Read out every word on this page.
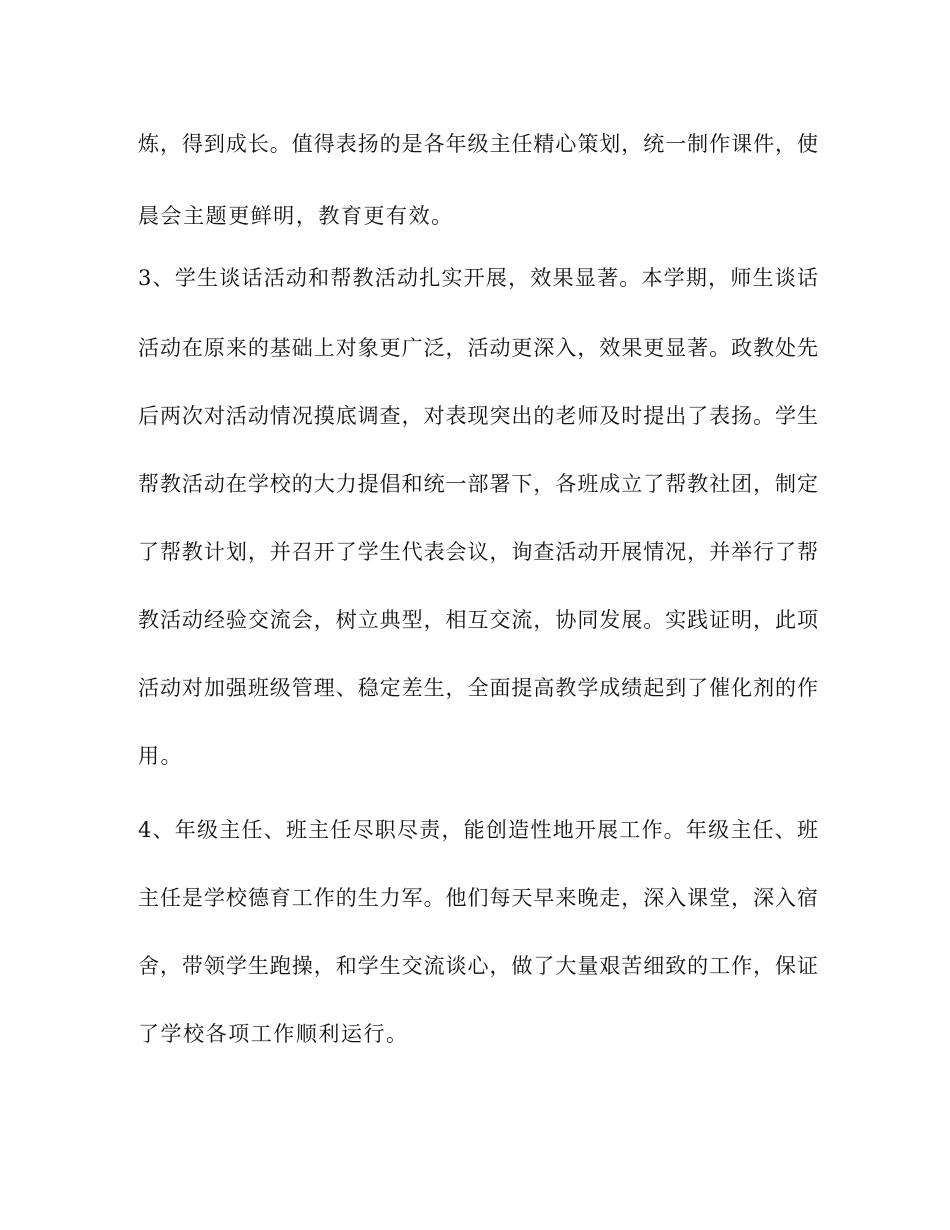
炼，得到成长。值得表扬的是各年级主任精心策划，统一制作课件，使
晨会主题更鲜明，教育更有效。
3、学生谈话活动和帮教活动扎实开展，效果显著。本学期，师生谈话
活动在原来的基础上对象更广泛，活动更深入，效果更显著。政教处先
后两次对活动情况摸底调查，对表现突出的老师及时提出了表扬。学生
帮教活动在学校的大力提倡和统一部署下，各班成立了帮教社团，制定
了帮教计划，并召开了学生代表会议，询查活动开展情况，并举行了帮
教活动经验交流会，树立典型，相互交流，协同发展。实践证明，此项
活动对加强班级管理、稳定差生，全面提高教学成绩起到了催化剂的作
用。
4、年级主任、班主任尽职尽责，能创造性地开展工作。年级主任、班
主任是学校德育工作的生力军。他们每天早来晚走，深入课堂，深入宿
舍，带领学生跑操，和学生交流谈心，做了大量艰苦细致的工作，保证
了学校各项工作顺利运行。
